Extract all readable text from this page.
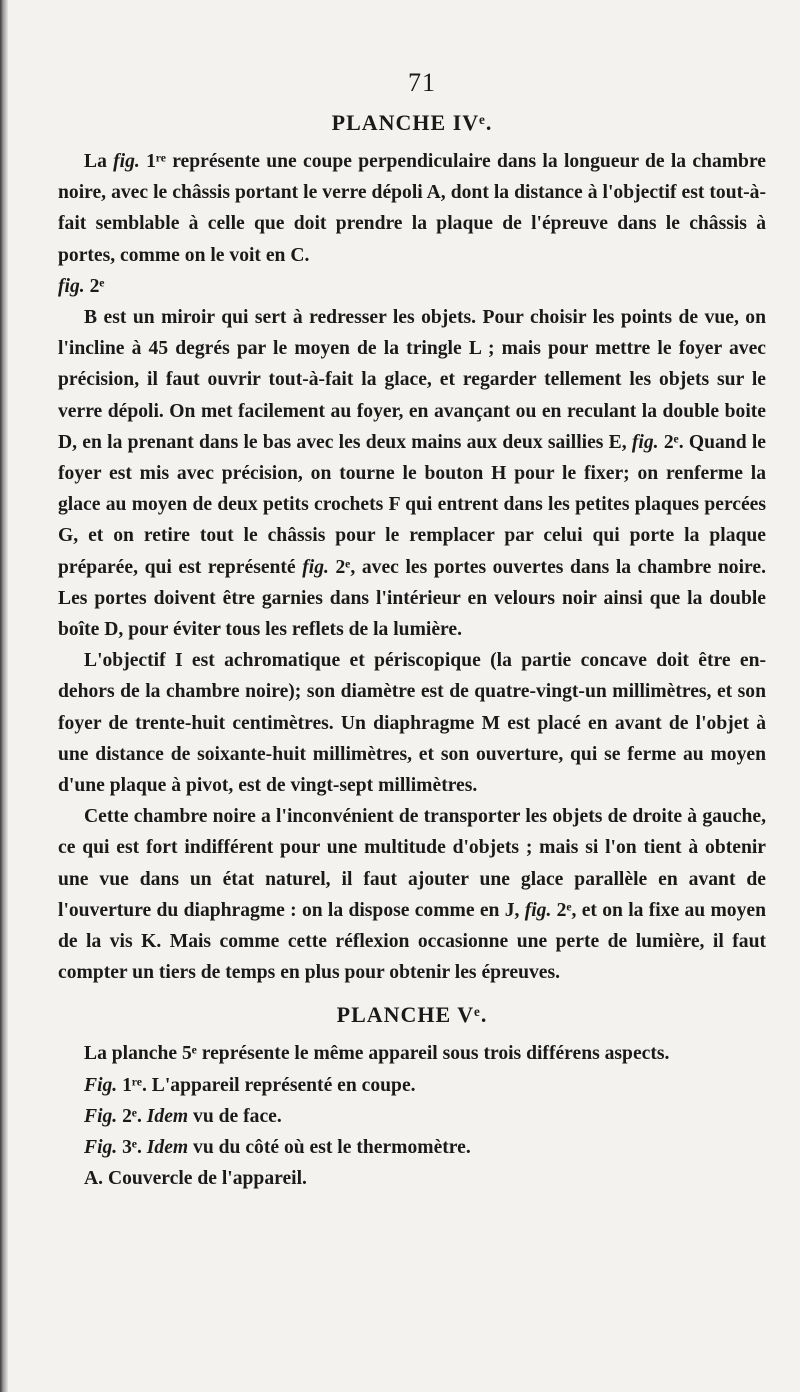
71
PLANCHE IVᵉ.

La fig. 1ʳᵉ représente une coupe perpendiculaire dans la longueur de la chambre noire, avec le châssis portant le verre dépoli A, dont la distance à l'objectif est tout-à-fait semblable à celle que doit prendre la plaque de l'épreuve dans le châssis à portes, comme on le voit en C.

fig. 2ᵉ

B est un miroir qui sert à redresser les objets. Pour choisir les points de vue, on l'incline à 45 degrés par le moyen de la tringle L ; mais pour mettre le foyer avec précision, il faut ouvrir tout-à-fait la glace, et regarder tellement les objets sur le verre dépoli. On met facilement au foyer, en avançant ou en reculant la double boite D, en la prenant dans le bas avec les deux mains aux deux saillies E, fig. 2ᵉ. Quand le foyer est mis avec précision, on tourne le bouton H pour le fixer; on renferme la glace au moyen de deux petits crochets F qui entrent dans les petites plaques percées G, et on retire tout le châssis pour le remplacer par celui qui porte la plaque préparée, qui est représenté fig. 2ᵉ, avec les portes ouvertes dans la chambre noire. Les portes doivent être garnies dans l'intérieur en velours noir ainsi que la double boîte D, pour éviter tous les reflets de la lumière.

L'objectif I est achromatique et périscopique (la partie concave doit être en-dehors de la chambre noire); son diamètre est de quatre-vingt-un millimètres, et son foyer de trente-huit centimètres. Un diaphragme M est placé en avant de l'objet à une distance de soixante-huit millimètres, et son ouverture, qui se ferme au moyen d'une plaque à pivot, est de vingt-sept millimètres.

Cette chambre noire a l'inconvénient de transporter les objets de droite à gauche, ce qui est fort indifférent pour une multitude d'objets ; mais si l'on tient à obtenir une vue dans un état naturel, il faut ajouter une glace parallèle en avant de l'ouverture du diaphragme : on la dispose comme en J, fig. 2ᵉ, et on la fixe au moyen de la vis K. Mais comme cette réflexion occasionne une perte de lumière, il faut compter un tiers de temps en plus pour obtenir les épreuves.

PLANCHE Vᵉ.

La planche 5ᵉ représente le même appareil sous trois différens aspects.

Fig. 1ʳᵉ. L'appareil représenté en coupe.

Fig. 2ᵉ. Idem vu de face.

Fig. 3ᵉ. Idem vu du côté où est le thermomètre.

A. Couvercle de l'appareil.
